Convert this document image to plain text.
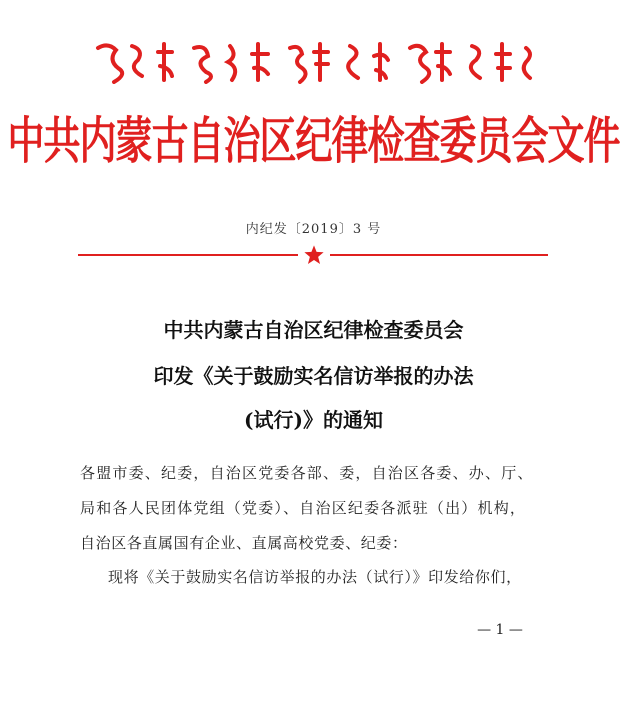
中共内蒙古自治区纪律检查委员会文件
内纪发〔2019〕3 号
中共内蒙古自治区纪律检查委员会
印发《关于鼓励实名信访举报的办法
(试行)》的通知
各盟市委、纪委，自治区党委各部、委，自治区各委、办、厅、
局和各人民团体党组（党委）、自治区纪委各派驻（出）机构，
自治区各直属国有企业、直属高校党委、纪委：
现将《关于鼓励实名信访举报的办法（试行）》印发给你们，
— 1 —
